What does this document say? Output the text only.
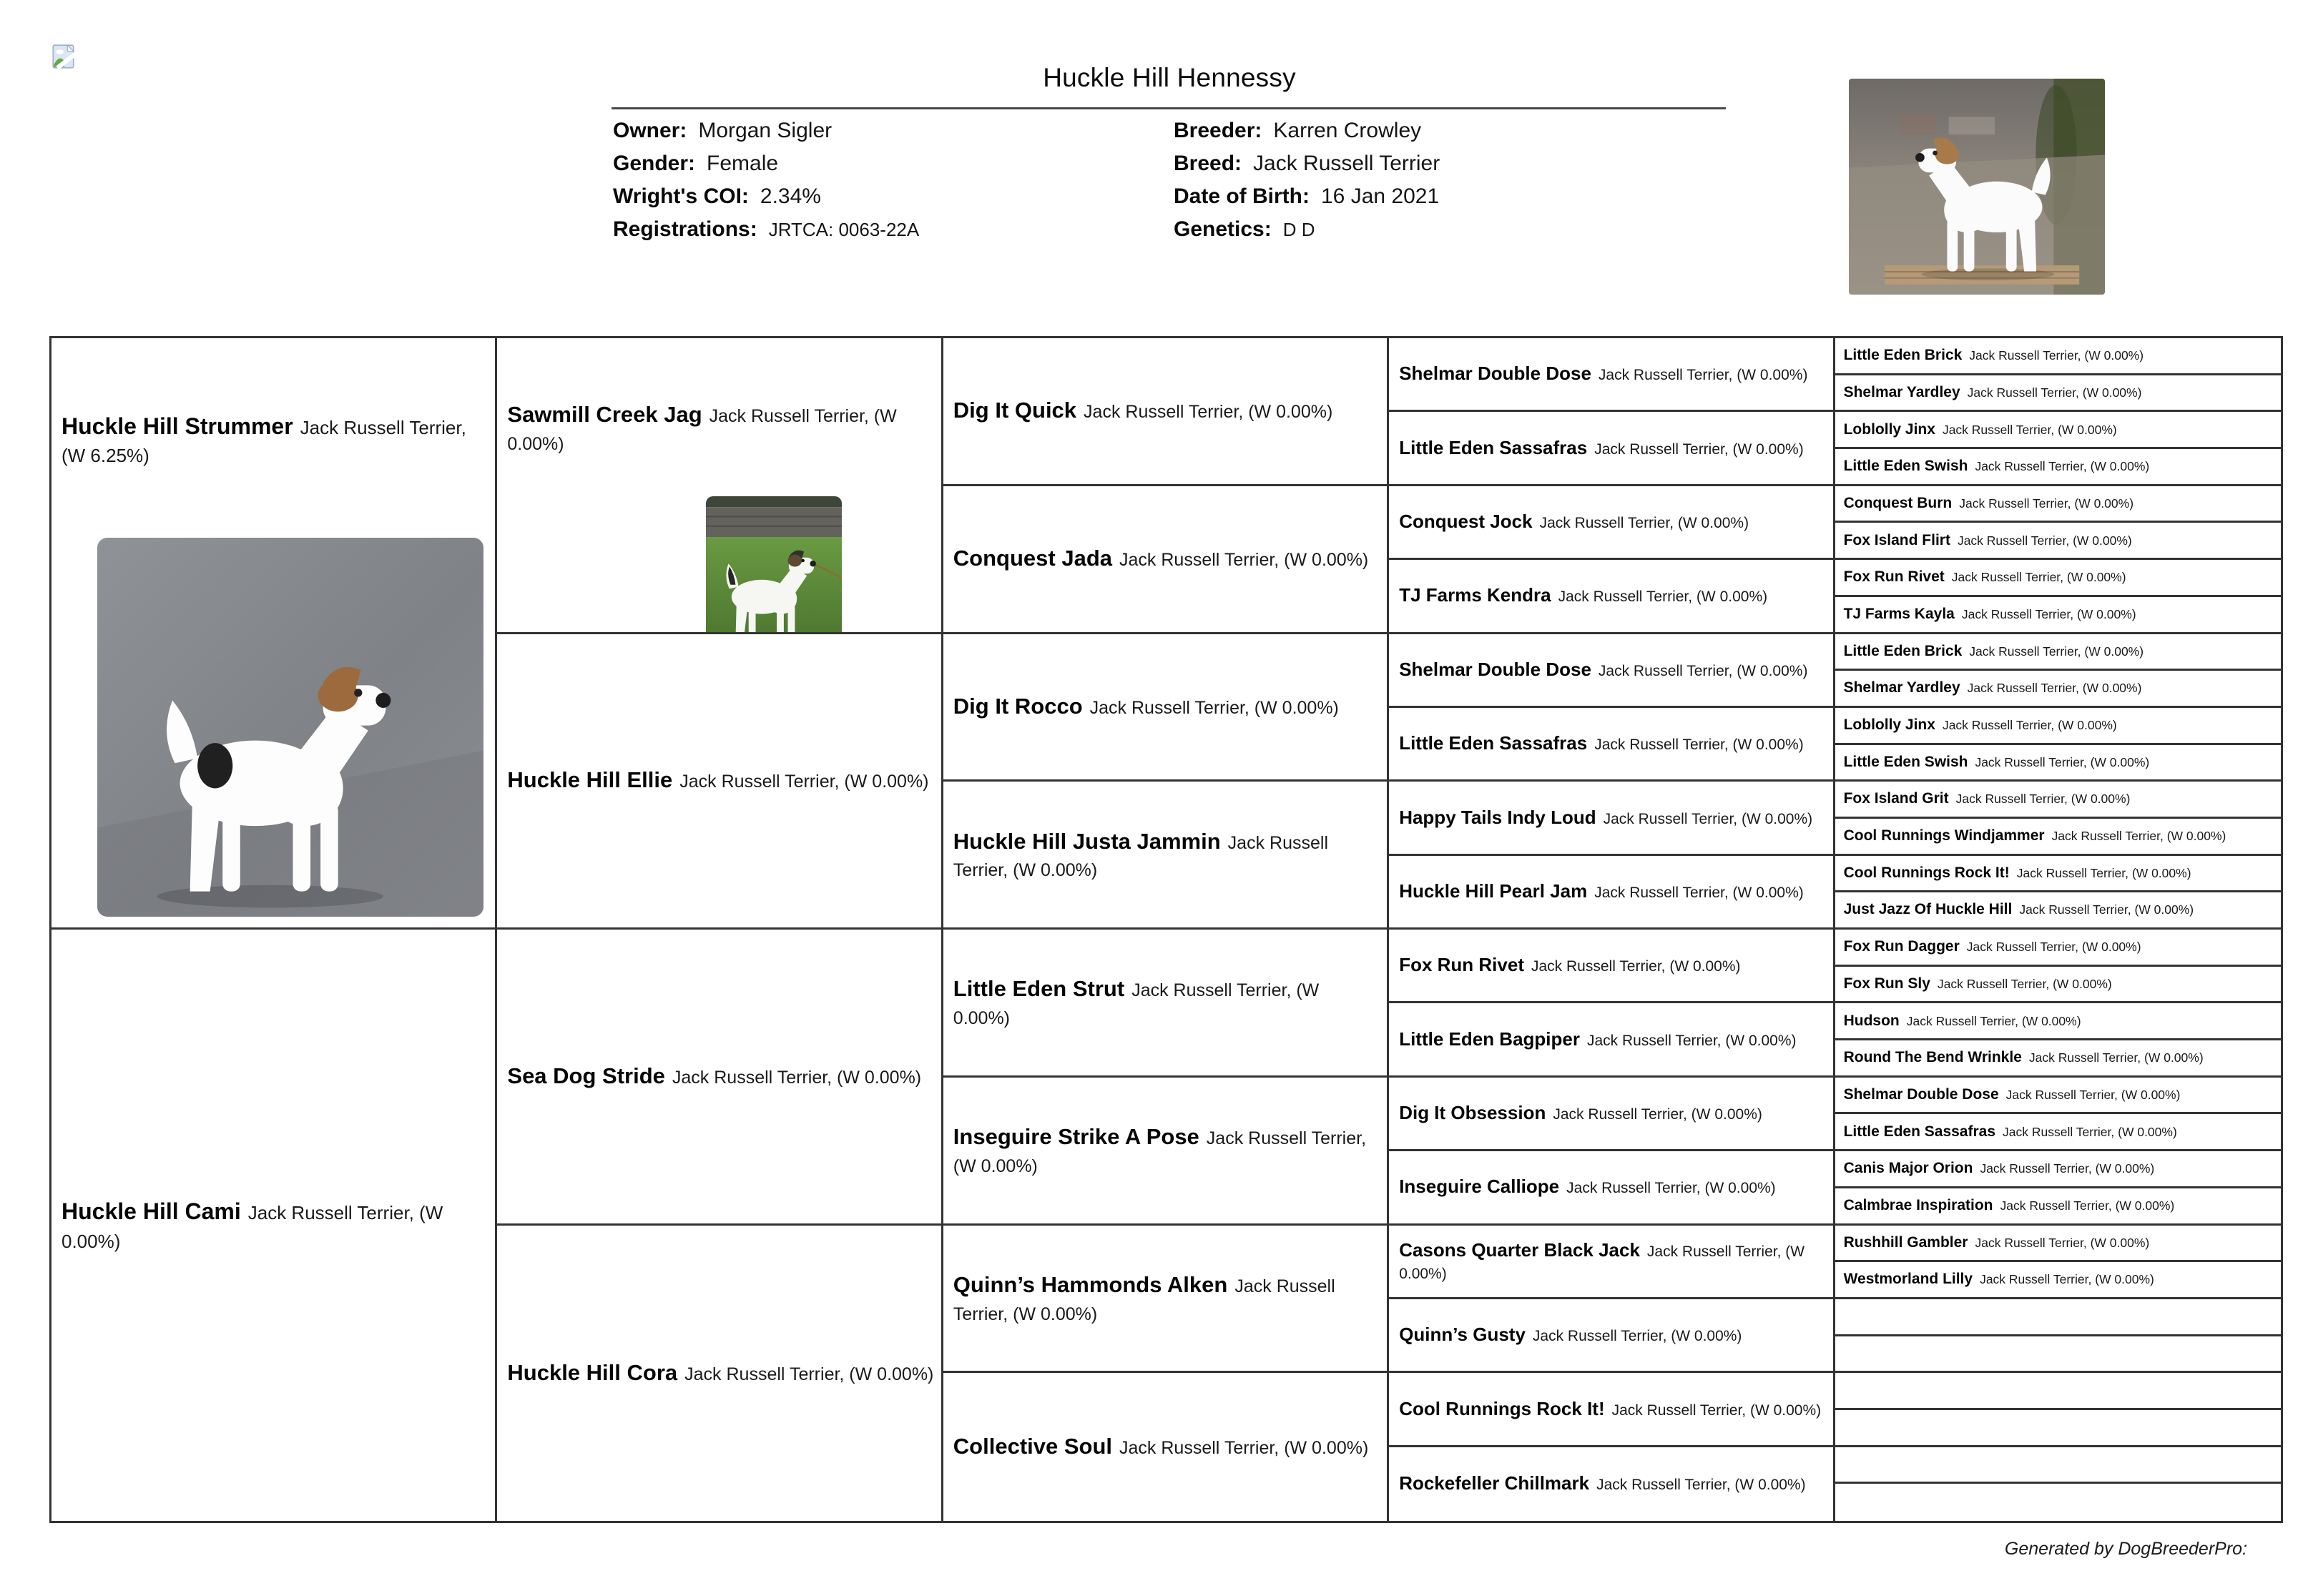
Huckle Hill Hennessy
Owner: Morgan Sigler
Gender: Female
Wright's COI: 2.34%
Registrations: JRTCA: 0063-22A
Breeder: Karren Crowley
Breed: Jack Russell Terrier
Date of Birth: 16 Jan 2021
Genetics: D D

Huckle Hill Strummer Jack Russell Terrier, (W 6.25%)

Huckle Hill Cami Jack Russell Terrier, (W 0.00%)

Sawmill Creek Jag Jack Russell Terrier, (W 0.00%)

Huckle Hill Ellie Jack Russell Terrier, (W 0.00%)

Sea Dog Stride Jack Russell Terrier, (W 0.00%)

Huckle Hill Cora Jack Russell Terrier, (W 0.00%)

Dig It Quick Jack Russell Terrier, (W 0.00%)

Conquest Jada Jack Russell Terrier, (W 0.00%)

Dig It Rocco Jack Russell Terrier, (W 0.00%)

Huckle Hill Justa Jammin Jack Russell Terrier, (W 0.00%)

Little Eden Strut Jack Russell Terrier, (W 0.00%)

Inseguire Strike A Pose Jack Russell Terrier, (W 0.00%)

Quinn’s Hammonds Alken Jack Russell Terrier, (W 0.00%)

Collective Soul Jack Russell Terrier, (W 0.00%)

Shelmar Double Dose Jack Russell Terrier, (W 0.00%)

Little Eden Sassafras Jack Russell Terrier, (W 0.00%)

Conquest Jock Jack Russell Terrier, (W 0.00%)

TJ Farms Kendra Jack Russell Terrier, (W 0.00%)

Shelmar Double Dose Jack Russell Terrier, (W 0.00%)

Little Eden Sassafras Jack Russell Terrier, (W 0.00%)

Happy Tails Indy Loud Jack Russell Terrier, (W 0.00%)

Huckle Hill Pearl Jam Jack Russell Terrier, (W 0.00%)

Fox Run Rivet Jack Russell Terrier, (W 0.00%)

Little Eden Bagpiper Jack Russell Terrier, (W 0.00%)

Dig It Obsession Jack Russell Terrier, (W 0.00%)

Inseguire Calliope Jack Russell Terrier, (W 0.00%)

Casons Quarter Black Jack Jack Russell Terrier, (W 0.00%)

Quinn’s Gusty Jack Russell Terrier, (W 0.00%)

Cool Runnings Rock It! Jack Russell Terrier, (W 0.00%)

Rockefeller Chillmark Jack Russell Terrier, (W 0.00%)

Little Eden Brick Jack Russell Terrier, (W 0.00%)

Shelmar Yardley Jack Russell Terrier, (W 0.00%)

Loblolly Jinx Jack Russell Terrier, (W 0.00%)

Little Eden Swish Jack Russell Terrier, (W 0.00%)

Conquest Burn Jack Russell Terrier, (W 0.00%)

Fox Island Flirt Jack Russell Terrier, (W 0.00%)

Fox Run Rivet Jack Russell Terrier, (W 0.00%)

TJ Farms Kayla Jack Russell Terrier, (W 0.00%)

Little Eden Brick Jack Russell Terrier, (W 0.00%)

Shelmar Yardley Jack Russell Terrier, (W 0.00%)

Loblolly Jinx Jack Russell Terrier, (W 0.00%)

Little Eden Swish Jack Russell Terrier, (W 0.00%)

Fox Island Grit Jack Russell Terrier, (W 0.00%)

Cool Runnings Windjammer Jack Russell Terrier, (W 0.00%)

Cool Runnings Rock It! Jack Russell Terrier, (W 0.00%)

Just Jazz Of Huckle Hill Jack Russell Terrier, (W 0.00%)

Fox Run Dagger Jack Russell Terrier, (W 0.00%)

Fox Run Sly Jack Russell Terrier, (W 0.00%)

Hudson Jack Russell Terrier, (W 0.00%)

Round The Bend Wrinkle Jack Russell Terrier, (W 0.00%)

Shelmar Double Dose Jack Russell Terrier, (W 0.00%)

Little Eden Sassafras Jack Russell Terrier, (W 0.00%)

Canis Major Orion Jack Russell Terrier, (W 0.00%)

Calmbrae Inspiration Jack Russell Terrier, (W 0.00%)

Rushhill Gambler Jack Russell Terrier, (W 0.00%)

Westmorland Lilly Jack Russell Terrier, (W 0.00%)

Generated by DogBreederPro:
